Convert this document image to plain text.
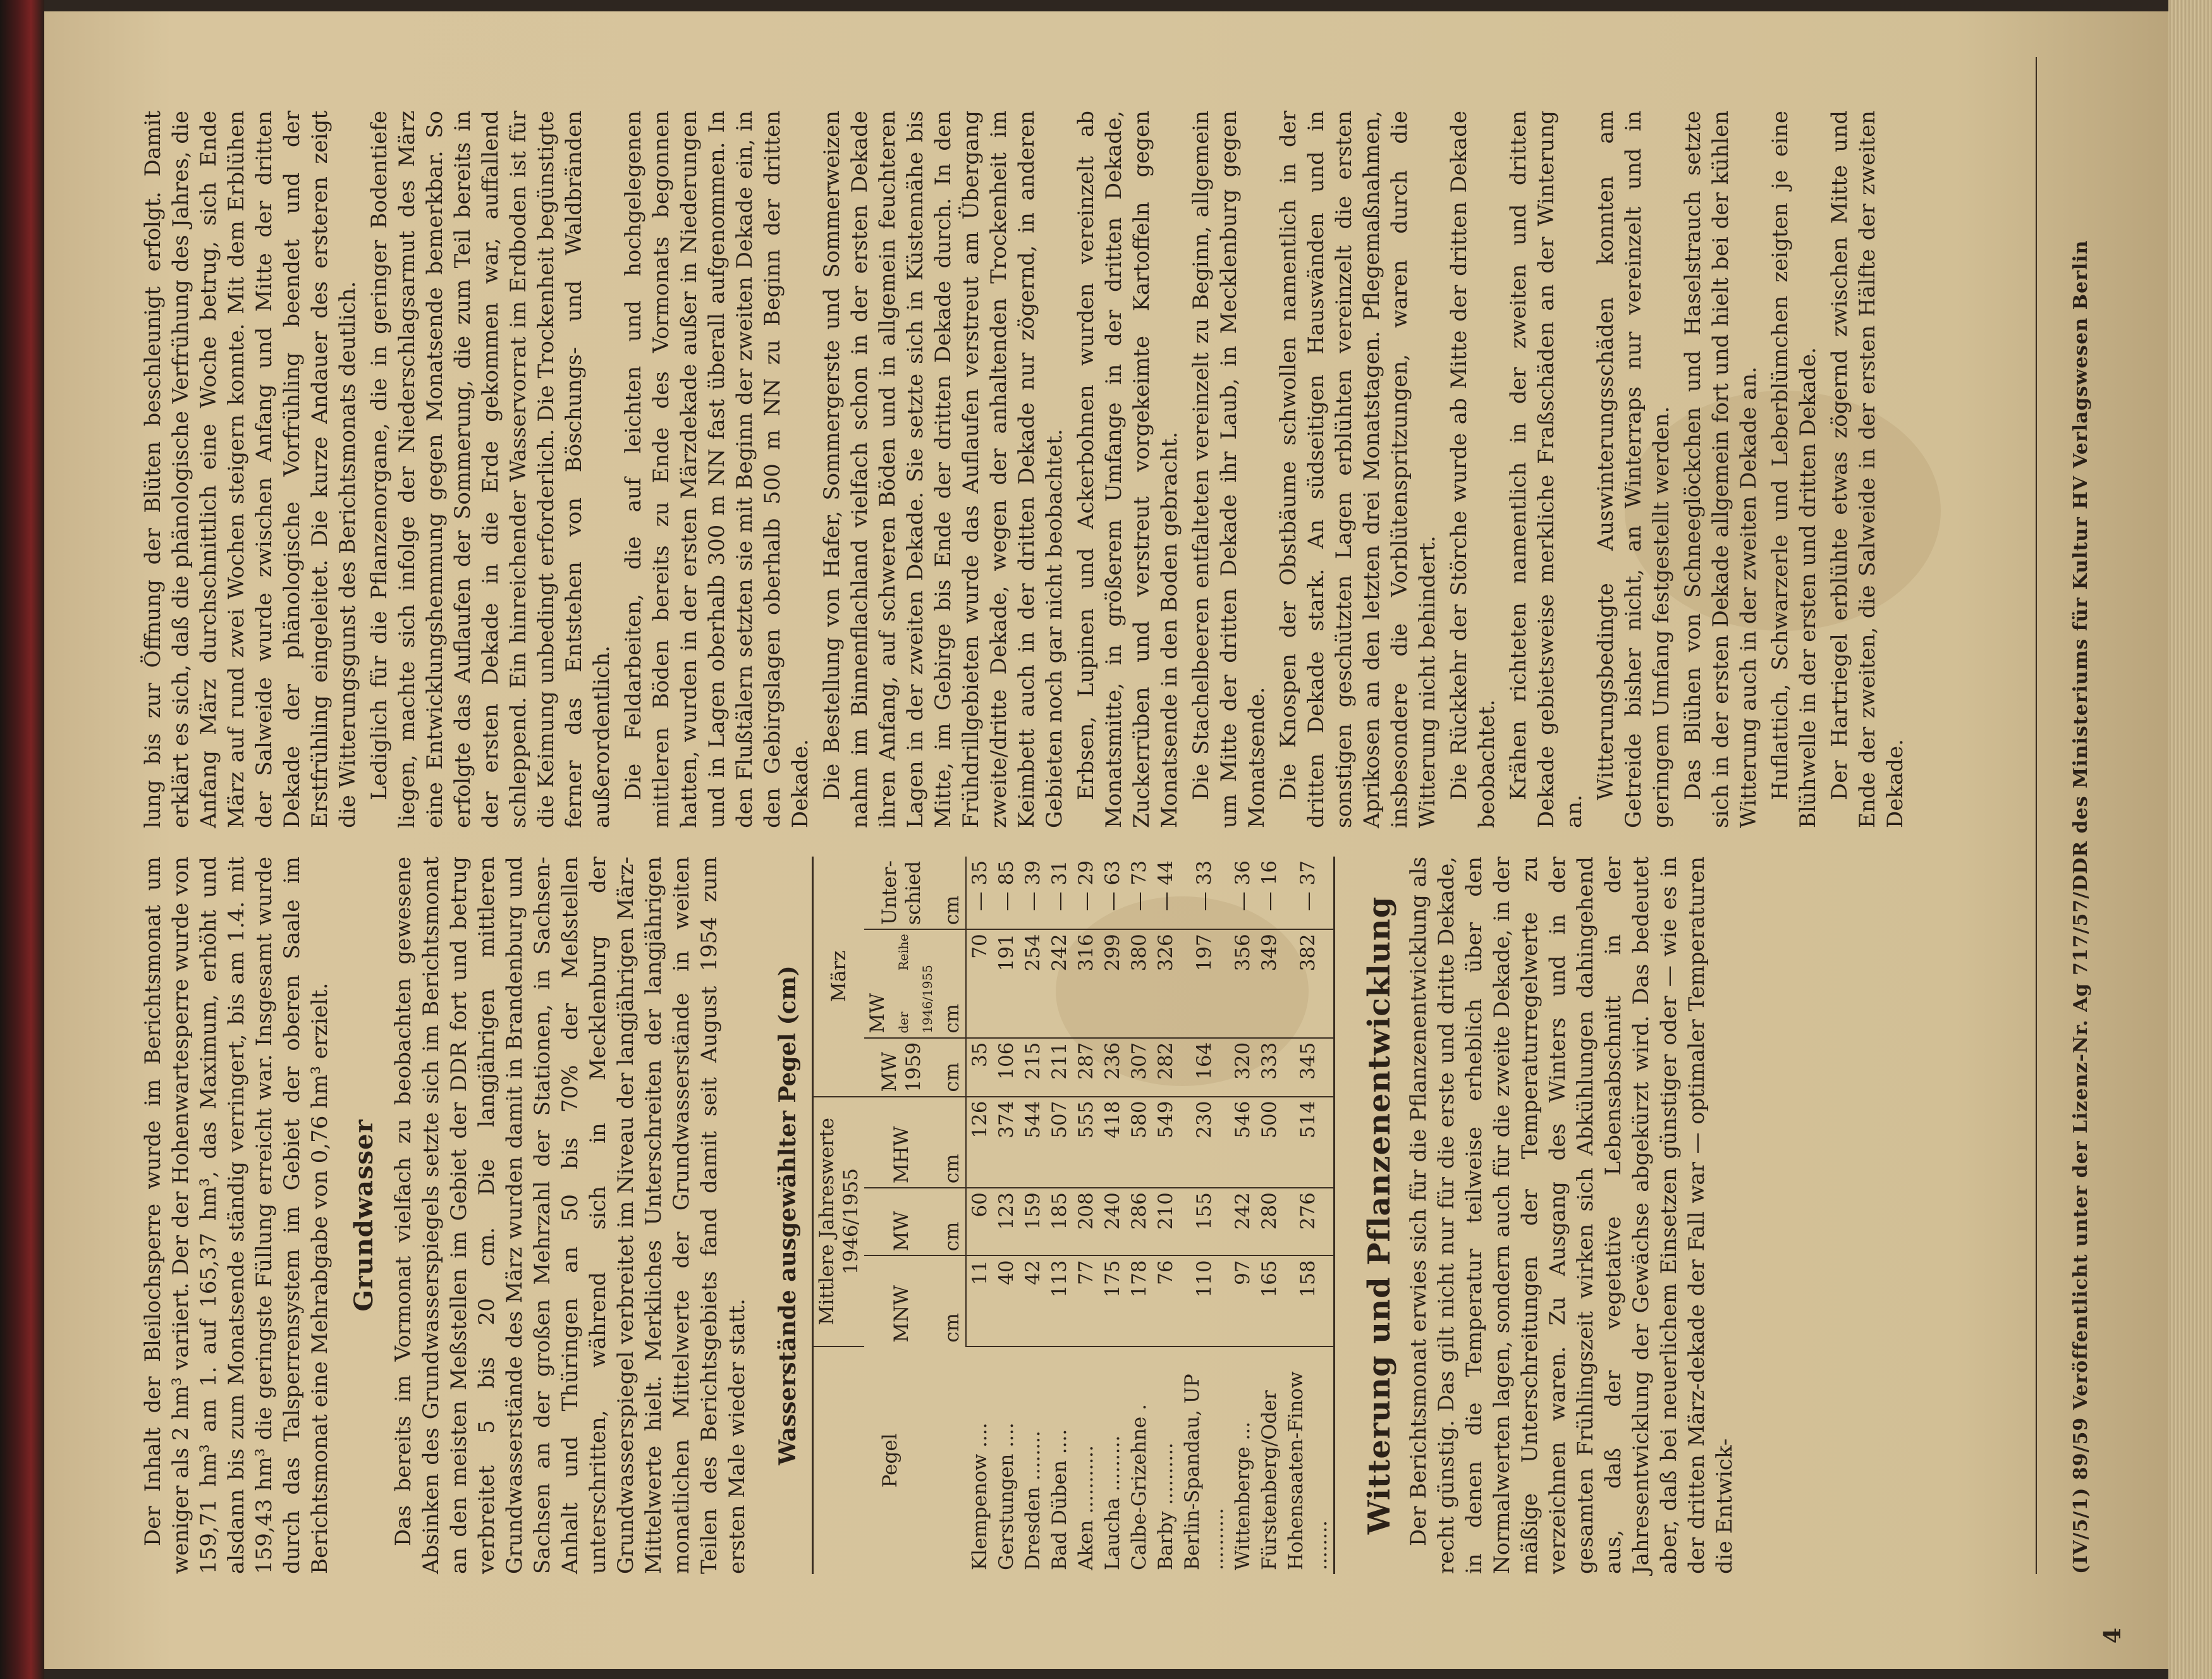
Der Inhalt der Bleilochsperre wurde im Berichtsmonat um weniger als 2 hm³ variiert. Der der Hohenwartesperre wurde von 159,71 hm³ am 1. auf 165,37 hm³, das Maximum, erhöht und alsdann bis zum Monatsende ständig verringert, bis am 1.4. mit 159,43 hm³ die geringste Füllung erreicht war. Insgesamt wurde durch das Talsperrensystem im Gebiet der oberen Saale im Berichtsmonat eine Mehrabgabe von 0,76 hm³ erzielt. Grundwasser Das bereits im Vormonat vielfach zu beobachten gewesene Absinken des Grundwasserspiegels setzte sich im Berichtsmonat an den meisten Meßstellen im Gebiet der DDR fort und betrug verbreitet 5 bis 20 cm. Die langjährigen mittleren Grundwasserstände des März wurden damit in Brandenburg und Sachsen an der großen Mehrzahl der Stationen, in Sachsen-Anhalt und Thüringen an 50 bis 70% der Meßstellen unterschritten, während sich in Mecklenburg der Grundwasserspiegel verbreitet im Niveau der langjährigen März-Mittelwerte hielt. Merkliches Unterschreiten der langjährigen monatlichen Mittelwerte der Grundwasserstände in weiten Teilen des Berichtsgebiets fand damit seit August 1954 zum ersten Male wieder statt. Wasserstände ausgewählter Pegel (cm)	Pegel	Mittlere Jahreswerte 1946/1955			März		
	MNW	MW	MHW	MW
1959	MW der Reihe 1946/1955	Unter-
schied
	cm	cm	cm	cm	cm	cm
Klempenow ....	11	60	126	35	70	— 35
Gerstungen ....	40	123	374	106	191	— 85
Dresden ........	42	159	544	215	254	— 39
Bad Düben ....	113	185	507	211	242	— 31
Aken ...........	77	208	555	287	316	— 29
Laucha .........	175	240	418	236	299	— 63
Calbe-Grizehne .	178	286	580	307	380	— 73
Barby ..........	76	210	549	282	326	— 44
Berlin-Spandau, UP ..........	110	155	230	164	197	— 33
Wittenberge ...	97	242	546	320	356	— 36
Fürstenberg/Oder	165	280	500	333	349	— 16
Hohensaaten-Finow ........	158	276	514	345	382	— 37
Witterung und Pflanzenentwicklung Der Berichtsmonat erwies sich für die Pflanzenentwicklung als recht günstig. Das gilt nicht nur für die erste und dritte Dekade, in denen die Temperatur teilweise erheblich über den Normalwerten lagen, sondern auch für die zweite Dekade, in der mäßige Unterschreitungen der Temperaturregelwerte zu verzeichnen waren. Zu Ausgang des Winters und in der gesamten Frühlingszeit wirken sich Abkühlungen dahingehend aus, daß der vegetative Lebensabschnitt in der Jahresentwicklung der Gewächse abgekürzt wird. Das bedeutet aber, daß bei neuerlichem Einsetzen günstiger oder — wie es in der dritten März-dekade der Fall war — optimaler Temperaturen die Entwick-

lung bis zur Öffnung der Blüten beschleunigt erfolgt. Damit erklärt es sich, daß die phänologische Verfrühung des Jahres, die Anfang März durchschnittlich eine Woche betrug, sich Ende März auf rund zwei Wochen steigern konnte. Mit dem Erblühen der Salweide wurde zwischen Anfang und Mitte der dritten Dekade der phänologische Vorfrühling beendet und der Erstfrühling eingeleitet. Die kurze Andauer des ersteren zeigt die Witterungsgunst des Berichtsmonats deutlich. Lediglich für die Pflanzenorgane, die in geringer Bodentiefe liegen, machte sich infolge der Niederschlagsarmut des März eine Entwicklungshemmung gegen Monatsende bemerkbar. So erfolgte das Auflaufen der Sommerung, die zum Teil bereits in der ersten Dekade in die Erde gekommen war, auffallend schleppend. Ein hinreichender Wasservorrat im Erdboden ist für die Keimung unbedingt erforderlich. Die Trockenheit begünstigte ferner das Entstehen von Böschungs- und Waldbränden außerordentlich. Die Feldarbeiten, die auf leichten und hochgelegenen mittleren Böden bereits zu Ende des Vormonats begonnen hatten, wurden in der ersten Märzdekade außer in Niederungen und in Lagen oberhalb 300 m NN fast überall aufgenommen. In den Flußtälern setzten sie mit Beginn der zweiten Dekade ein, in den Gebirgslagen oberhalb 500 m NN zu Beginn der dritten Dekade. Die Bestellung von Hafer, Sommergerste und Sommerweizen nahm im Binnenflachland vielfach schon in der ersten Dekade ihren Anfang, auf schweren Böden und in allgemein feuchteren Lagen in der zweiten Dekade. Sie setzte sich in Küstennähe bis Mitte, im Gebirge bis Ende der dritten Dekade durch. In den Frühdrillgebieten wurde das Auflaufen verstreut am Übergang zweite/dritte Dekade, wegen der anhaltenden Trockenheit im Keimbett auch in der dritten Dekade nur zögernd, in anderen Gebieten noch gar nicht beobachtet. Erbsen, Lupinen und Ackerbohnen wurden vereinzelt ab Monatsmitte, in größerem Umfange in der dritten Dekade, Zuckerrüben und verstreut vorgekeimte Kartoffeln gegen Monatsende in den Boden gebracht. Die Stachelbeeren entfalteten vereinzelt zu Beginn, allgemein um Mitte der dritten Dekade ihr Laub, in Mecklenburg gegen Monatsende. Die Knospen der Obstbäume schwollen namentlich in der dritten Dekade stark. An südseitigen Hauswänden und in sonstigen geschützten Lagen erblühten vereinzelt die ersten Aprikosen an den letzten drei Monatstagen. Pflegemaßnahmen, insbesondere die Vorblütenspritzungen, waren durch die Witterung nicht behindert. Die Rückkehr der Störche wurde ab Mitte der dritten Dekade beobachtet. Krähen richteten namentlich in der zweiten und dritten Dekade gebietsweise merkliche Fraßschäden an der Winterung an.

Witterungsbedingte Auswinterungsschäden konnten am Getreide bisher nicht, an Winterraps nur vereinzelt und in geringem Umfang festgestellt werden. Das Blühen von Schneeglöckchen und Haselstrauch setzte sich in der ersten Dekade allgemein fort und hielt bei der kühlen Witterung auch in der zweiten Dekade an. Huflattich, Schwarzerle und Leberblümchen zeigten je eine Blühwelle in der ersten und dritten Dekade. Der Hartriegel erblühte etwas zögernd zwischen Mitte und Ende der zweiten, die Salweide in der ersten Hälfte der zweiten Dekade.

4
(IV/5/1) 89/59 Veröffentlicht unter der Lizenz-Nr. Ag 717/57/DDR des Ministeriums für Kultur HV Verlagswesen Berlin
